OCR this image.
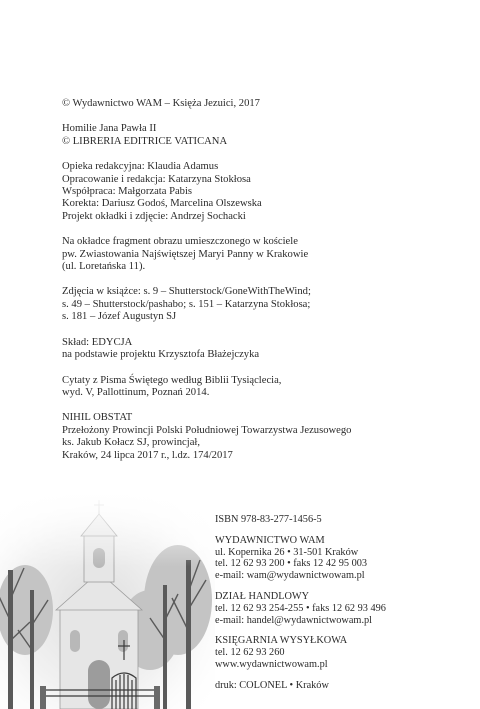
© Wydawnictwo WAM – Księża Jezuici, 2017
Homilie Jana Pawła II
© LIBRERIA EDITRICE VATICANA
Opieka redakcyjna: Klaudia Adamus
Opracowanie i redakcja: Katarzyna Stokłosa
Współpraca: Małgorzata Pabis
Korekta: Dariusz Godoś, Marcelina Olszewska
Projekt okładki i zdjęcie: Andrzej Sochacki
Na okładce fragment obrazu umieszczonego w kościele
pw. Zwiastowania Najświętszej Maryi Panny w Krakowie
(ul. Loretańska 11).
Zdjęcia w książce: s. 9 – Shutterstock/GoneWithTheWind;
s. 49 – Shutterstock/pashabo; s. 151 – Katarzyna Stokłosa;
s. 181 – Józef Augustyn SJ
Skład: EDYCJA
na podstawie projektu Krzysztofa Błażejczyka
Cytaty z Pisma Świętego według Biblii Tysiąclecia,
wyd. V, Pallottinum, Poznań 2014.
NIHIL OBSTAT
Przełożony Prowincji Polski Południowej Towarzystwa Jezusowego
ks. Jakub Kołacz SJ, prowincjał,
Kraków, 24 lipca 2017 r., l.dz. 174/2017
ISBN 978-83-277-1456-5
WYDAWNICTWO WAM
ul. Kopernika 26 • 31-501 Kraków
tel. 12 62 93 200 • faks 12 42 95 003
e-mail: wam@wydawnictwowam.pl
DZIAŁ HANDLOWY
tel. 12 62 93 254-255 • faks 12 62 93 496
e-mail: handel@wydawnictwowam.pl
KSIĘGARNIA WYSYŁKOWA
tel. 12 62 93 260
www.wydawnictwowam.pl
druk: COLONEL • Kraków
